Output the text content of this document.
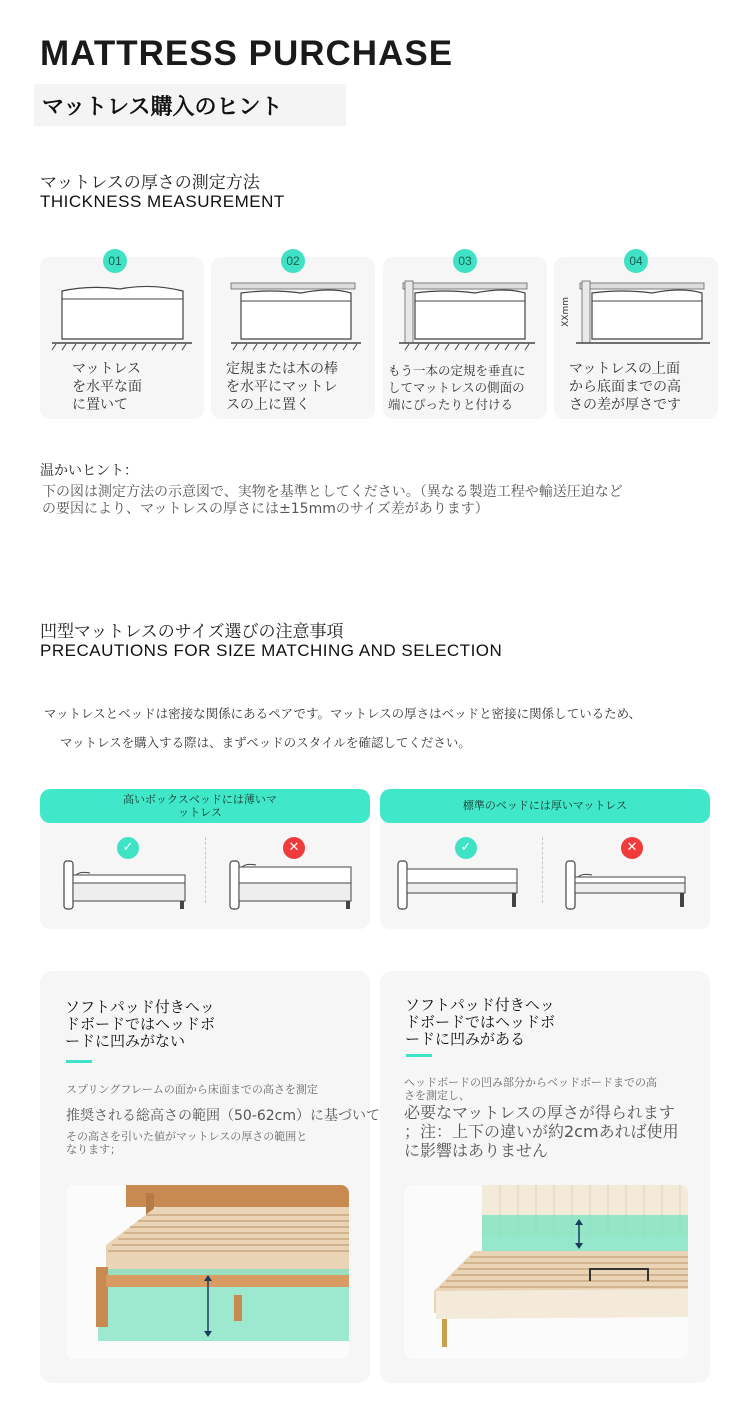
MATTRESS PURCHASE
マットレス購入のヒント
マットレスの厚さの測定方法
THICKNESS MEASUREMENT
01
マットレス
を水平な面
に置いて
02
定規または木の棒
を水平にマットレ
スの上に置く
03
もう一本の定規を垂直に
してマットレスの側面の
端にぴったりと付ける
XXmm
04
マットレスの上面
から底面までの高
さの差が厚さです
温かいヒント：
下の図は測定方法の示意図で、実物を基準としてください。（異なる製造工程や輸送圧迫などの要因により、マットレスの厚さには±15mmのサイズ差があります）
凹型マットレスのサイズ選びの注意事項
PRECAUTIONS FOR SIZE MATCHING AND SELECTION
マットレスとベッドは密接な関係にあるペアです。マットレスの厚さはベッドと密接に関係しているため、
マットレスを購入する際は、まずベッドのスタイルを確認してください。
高いボックスベッドには薄いマ
ットレス
✓	✕
標準のベッドには厚いマットレス
✓	✕
ソフトパッド付きヘッ
ドボードではヘッドボ
ードに凹みがない
スプリングフレームの面から床面までの高さを測定
推奨される総高さの範囲（50-62cm）に基づいて
その高さを引いた値がマットレスの厚さの範囲と
なります；
ソフトパッド付きヘッ
ドボードではヘッドボ
ードに凹みがある
ヘッドボードの凹み部分からベッドボードまでの高
さを測定し、
必要なマットレスの厚さが得られます
；注：上下の違いが約2cmあれば使用
に影響はありません
